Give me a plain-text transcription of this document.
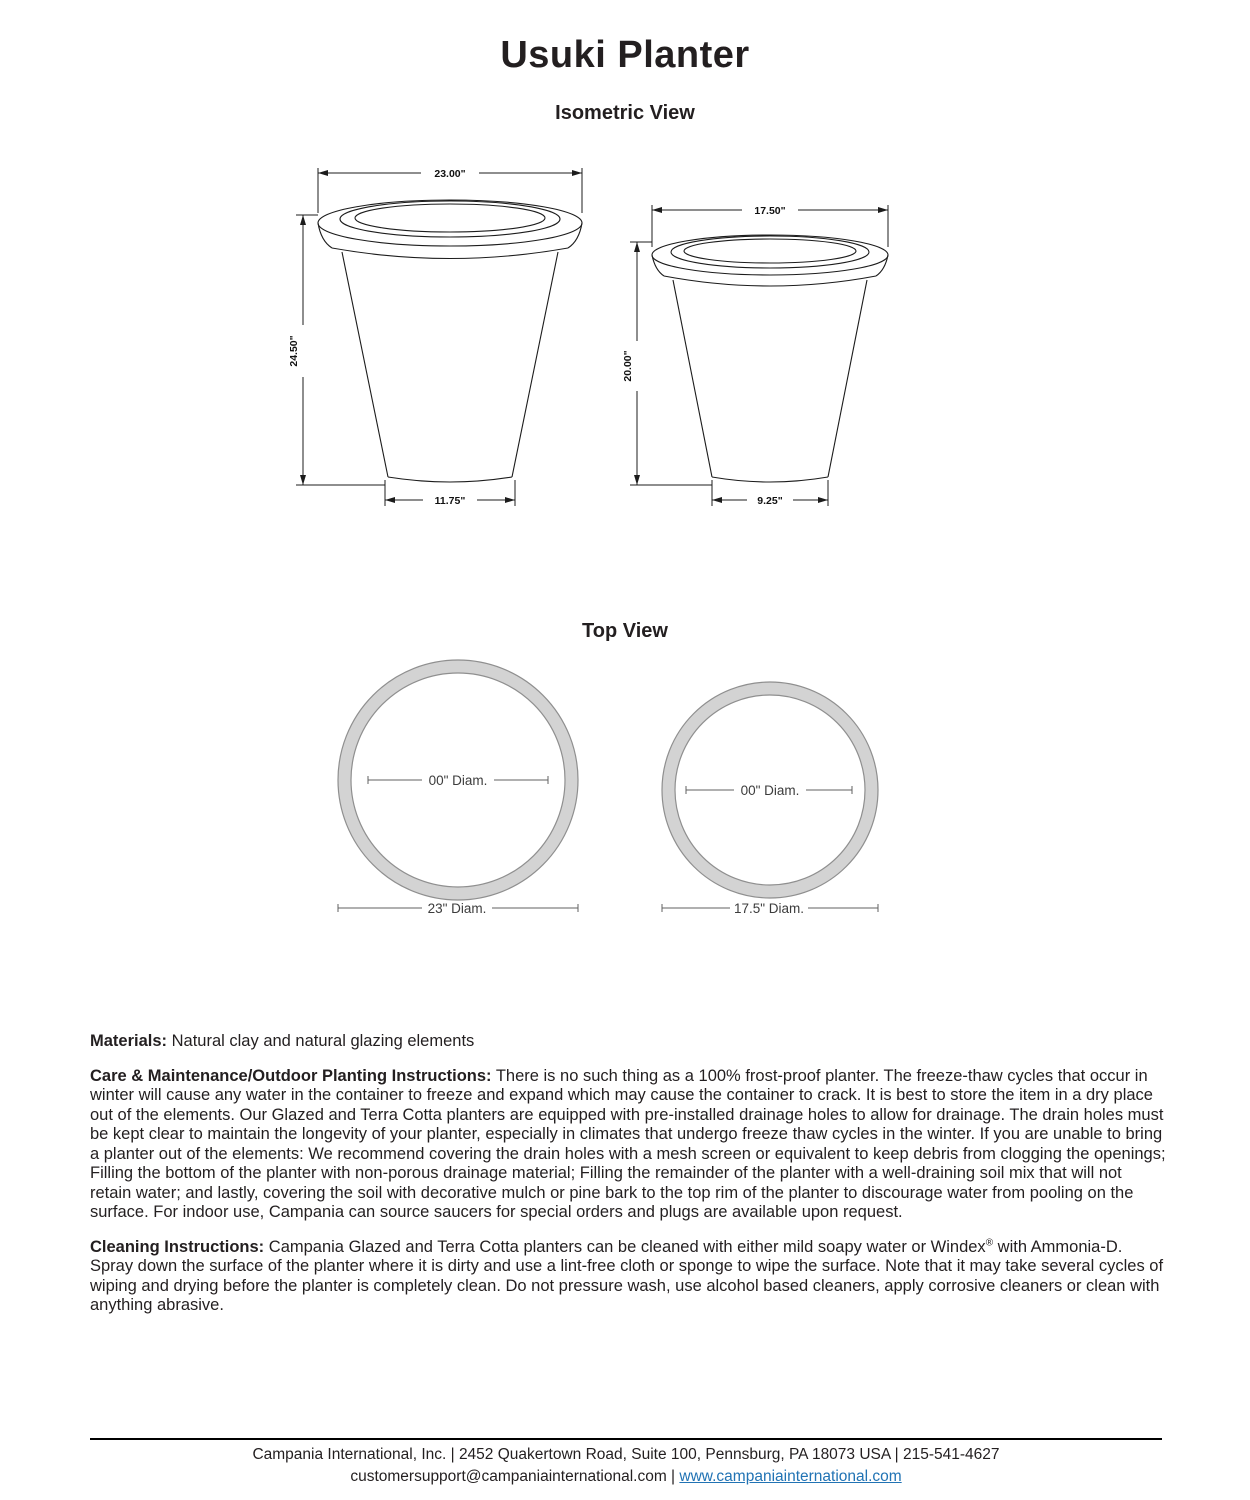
Usuki Planter
Isometric View
23.00"
24.50"
11.75"
17.50"
20.00"
9.25"
Top View
00" Diam.
23" Diam.
00" Diam.
17.5" Diam.

Materials: Natural clay and natural glazing elements

Care & Maintenance/Outdoor Planting Instructions: There is no such thing as a 100% frost-proof planter. The freeze-thaw cycles that occur in winter will cause any water in the container to freeze and expand which may cause the container to crack. It is best to store the item in a dry place out of the elements. Our Glazed and Terra Cotta planters are equipped with pre-installed drainage holes to allow for drainage. The drain holes must be kept clear to maintain the longevity of your planter, especially in climates that undergo freeze thaw cycles in the winter. If you are unable to bring a planter out of the elements: We recommend covering the drain holes with a mesh screen or equivalent to keep debris from clogging the openings; Filling the bottom of the planter with non-porous drainage material; Filling the remainder of the planter with a well-draining soil mix that will not retain water; and lastly, covering the soil with decorative mulch or pine bark to the top rim of the planter to discourage water from pooling on the surface. For indoor use, Campania can source saucers for special orders and plugs are available upon request.

Cleaning Instructions: Campania Glazed and Terra Cotta planters can be cleaned with either mild soapy water or Windex® with Ammonia-D. Spray down the surface of the planter where it is dirty and use a lint-free cloth or sponge to wipe the surface. Note that it may take several cycles of wiping and drying before the planter is completely clean. Do not pressure wash, use alcohol based cleaners, apply corrosive cleaners or clean with anything abrasive.

Campania International, Inc. | 2452 Quakertown Road, Suite 100, Pennsburg, PA 18073 USA | 215-541-4627
customersupport@campaniainternational.com | www.campaniainternational.com
